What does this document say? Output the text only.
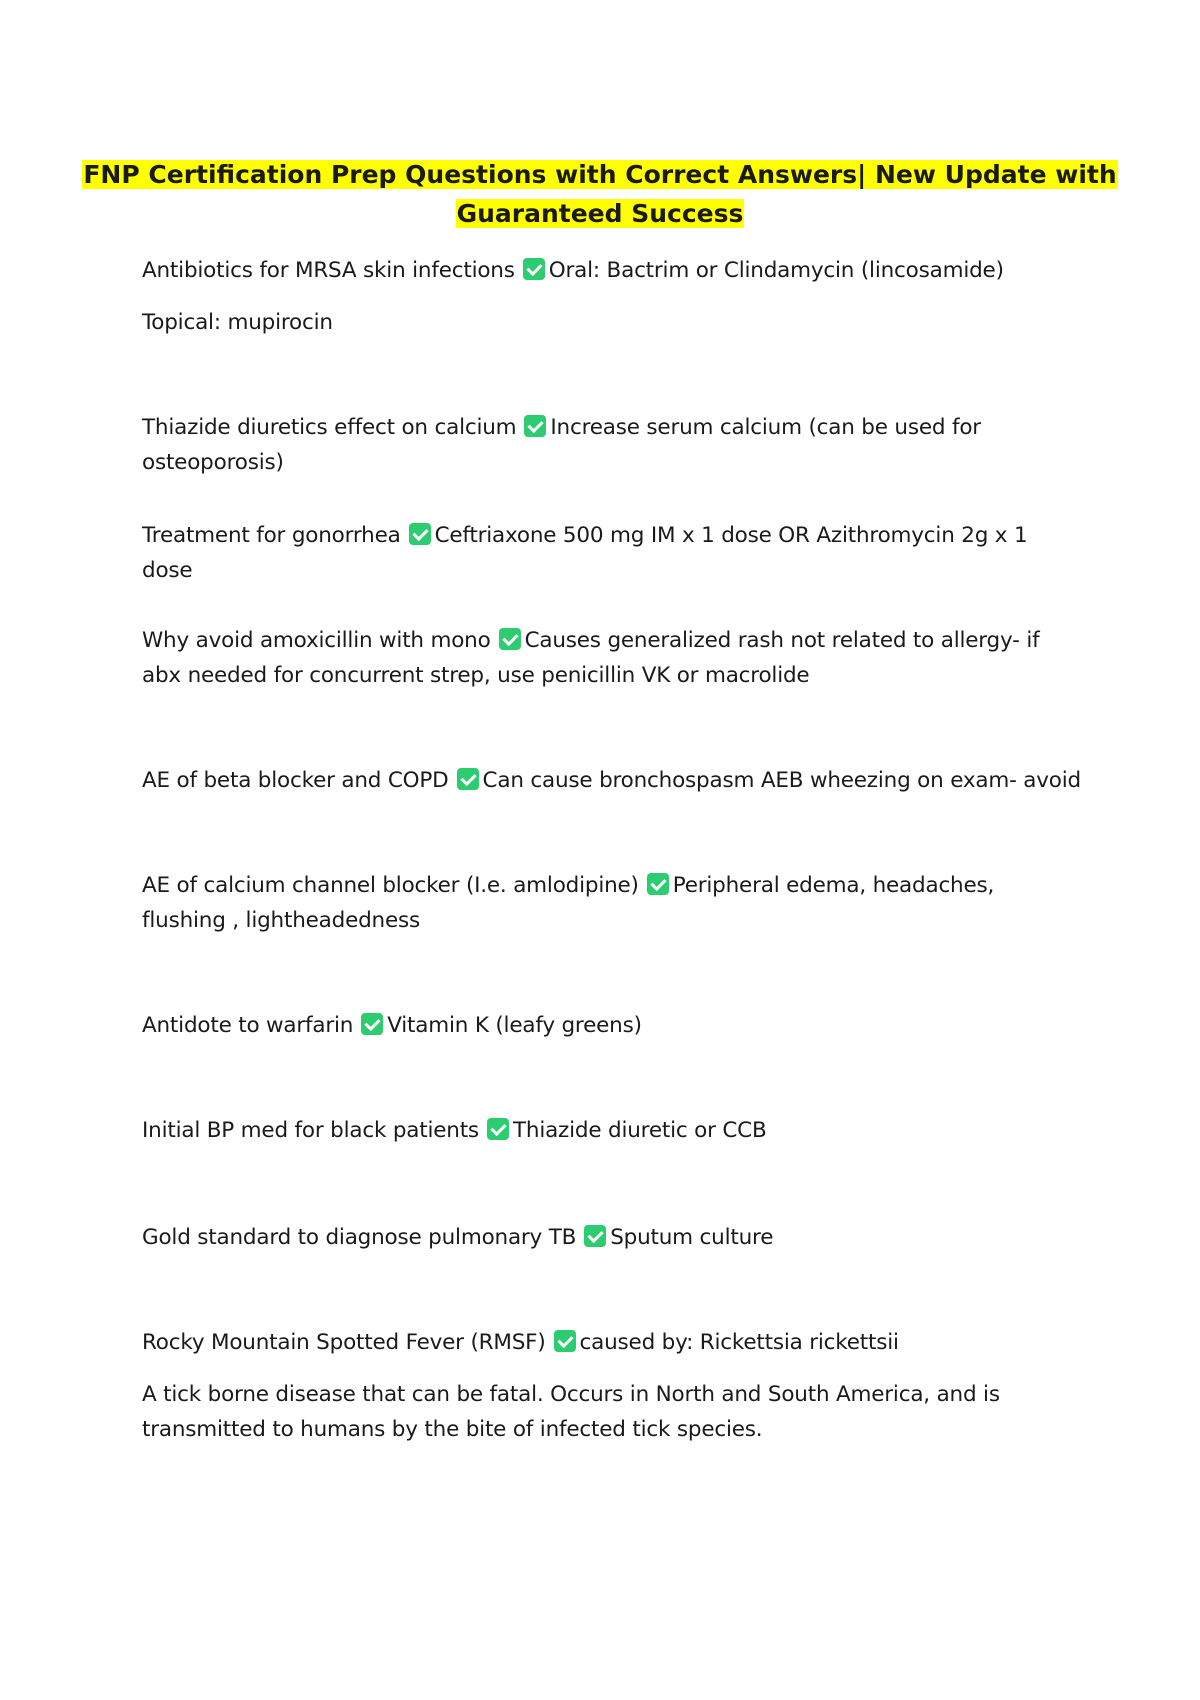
FNP Certification Prep Questions with Correct Answers| New Update with
Guaranteed Success
Antibiotics for MRSA skin infections Oral: Bactrim or Clindamycin (lincosamide)
Topical: mupirocin
Thiazide diuretics effect on calcium Increase serum calcium (can be used for osteoporosis)
Treatment for gonorrhea Ceftriaxone 500 mg IM x 1 dose OR Azithromycin 2g x 1 dose
Why avoid amoxicillin with mono Causes generalized rash not related to allergy- if abx needed for concurrent strep, use penicillin VK or macrolide
AE of beta blocker and COPD Can cause bronchospasm AEB wheezing on exam- avoid
AE of calcium channel blocker (I.e. amlodipine) Peripheral edema, headaches, flushing , lightheadedness
Antidote to warfarin Vitamin K (leafy greens)
Initial BP med for black patients Thiazide diuretic or CCB
Gold standard to diagnose pulmonary TB Sputum culture
Rocky Mountain Spotted Fever (RMSF) caused by: Rickettsia rickettsii
A tick borne disease that can be fatal. Occurs in North and South America, and is transmitted to humans by the bite of infected tick species.
